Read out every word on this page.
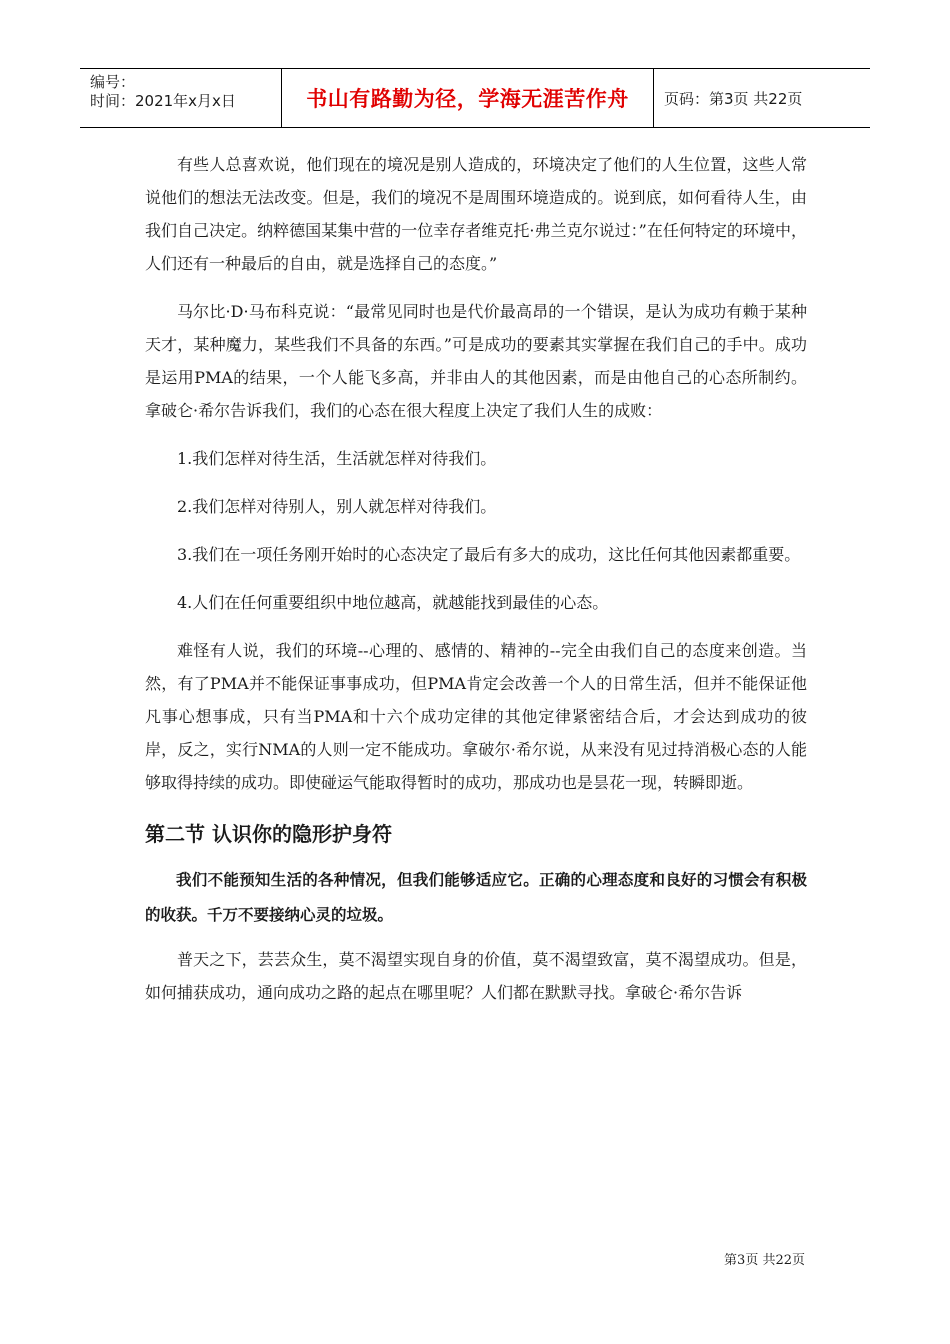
编号：
时间：2021年x月x日	书山有路勤为径，学海无涯苦作舟	页码：第3页 共22页

有些人总喜欢说，他们现在的境况是别人造成的，环境决定了他们的人生位置，这些人常说他们的想法无法改变。但是，我们的境况不是周围环境造成的。说到底，如何看待人生，由我们自己决定。纳粹德国某集中营的一位幸存者维克托·弗兰克尔说过：”在任何特定的环境中，人们还有一种最后的自由，就是选择自己的态度。”

马尔比·D·马布科克说：“最常见同时也是代价最高昂的一个错误，是认为成功有赖于某种天才，某种魔力，某些我们不具备的东西。”可是成功的要素其实掌握在我们自己的手中。成功是运用PMA的结果，一个人能飞多高，并非由人的其他因素，而是由他自己的心态所制约。拿破仑·希尔告诉我们，我们的心态在很大程度上决定了我们人生的成败：

1.我们怎样对待生活，生活就怎样对待我们。

2.我们怎样对待别人，别人就怎样对待我们。

3.我们在一项任务刚开始时的心态决定了最后有多大的成功，这比任何其他因素都重要。

4.人们在任何重要组织中地位越高，就越能找到最佳的心态。

难怪有人说，我们的环境--心理的、感情的、精神的--完全由我们自己的态度来创造。当然，有了PMA并不能保证事事成功，但PMA肯定会改善一个人的日常生活，但并不能保证他凡事心想事成，只有当PMA和十六个成功定律的其他定律紧密结合后，才会达到成功的彼岸，反之，实行NMA的人则一定不能成功。拿破尔·希尔说，从来没有见过持消极心态的人能够取得持续的成功。即使碰运气能取得暂时的成功，那成功也是昙花一现，转瞬即逝。

第二节 认识你的隐形护身符

我们不能预知生活的各种情况，但我们能够适应它。正确的心理态度和良好的习惯会有积极的收获。千万不要接纳心灵的垃圾。

普天之下，芸芸众生，莫不渴望实现自身的价值，莫不渴望致富，莫不渴望成功。但是，如何捕获成功，通向成功之路的起点在哪里呢？人们都在默默寻找。拿破仑·希尔告诉

第3页 共22页
